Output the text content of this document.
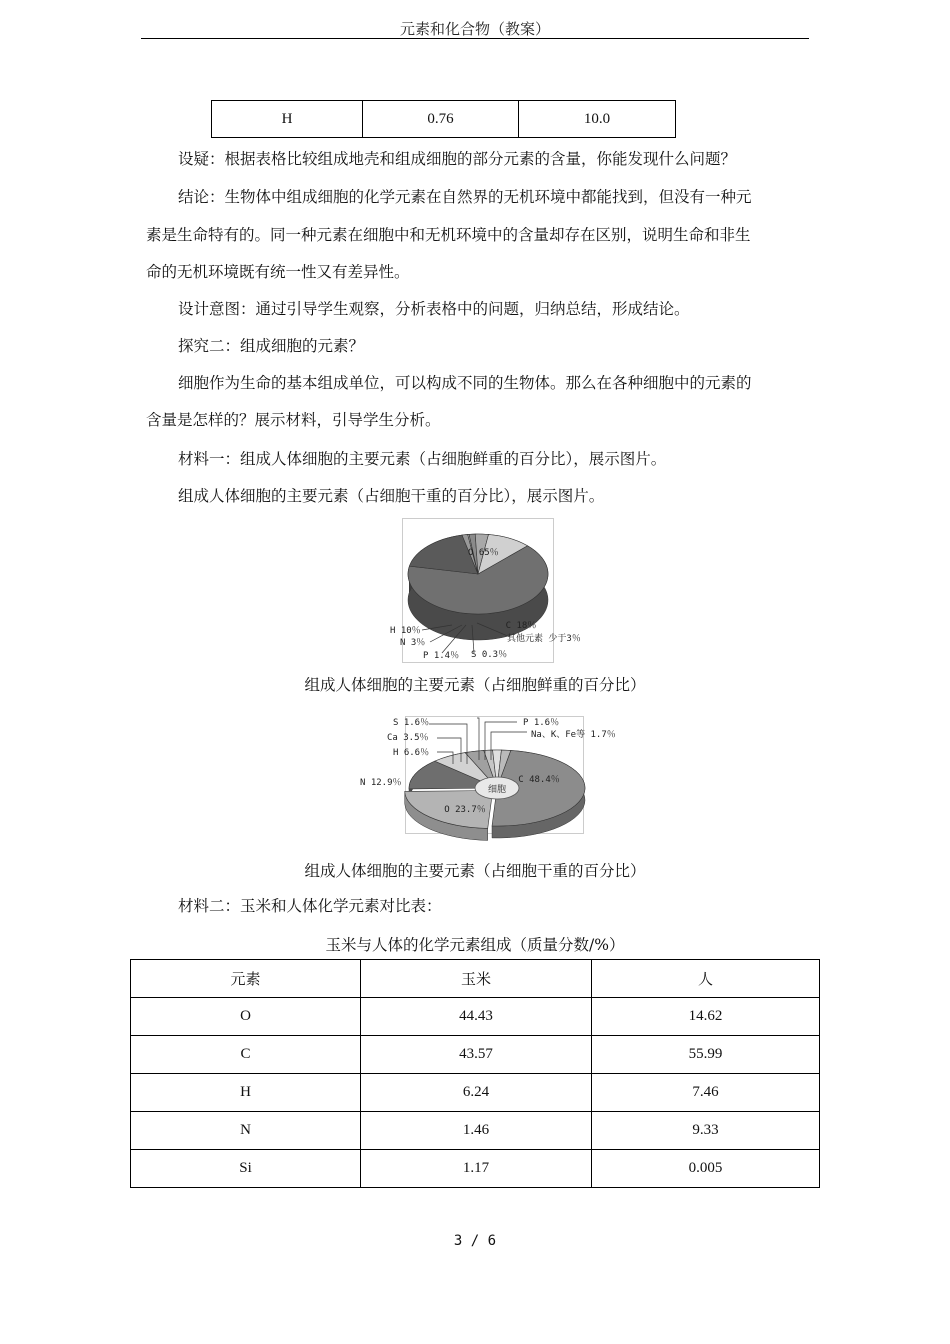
元素和化合物（教案）
H	0.76	10.0

设疑：根据表格比较组成地壳和组成细胞的部分元素的含量，你能发现什么问题？

结论：生物体中组成细胞的化学元素在自然界的无机环境中都能找到，但没有一种元

素是生命特有的。同一种元素在细胞中和无机环境中的含量却存在区别，说明生命和非生

命的无机环境既有统一性又有差异性。

设计意图：通过引导学生观察，分析表格中的问题，归纳总结，形成结论。

探究二：组成细胞的元素？

细胞作为生命的基本组成单位，可以构成不同的生物体。那么在各种细胞中的元素的

含量是怎样的？展示材料，引导学生分析。

材料一：组成人体细胞的主要元素（占细胞鲜重的百分比），展示图片。

组成人体细胞的主要元素（占细胞干重的百分比），展示图片。

O 65％
C 18％
其他元素 少于3％
S 0.3％
P 1.4％
N 3％
H 10％

组成人体细胞的主要元素（占细胞鲜重的百分比）

细胞
S 1.6％
Ca 3.5％
H 6.6％
N 12.9％
P 1.6％
Na、K、Fe等 1.7％
C 48.4％
O 23.7％

组成人体细胞的主要元素（占细胞干重的百分比）

材料二：玉米和人体化学元素对比表：

玉米与人体的化学元素组成（质量分数/%）

元素	玉米	人
O	44.43	14.62
C	43.57	55.99
H	6.24	7.46
N	1.46	9.33
Si	1.17	0.005
3 / 6
